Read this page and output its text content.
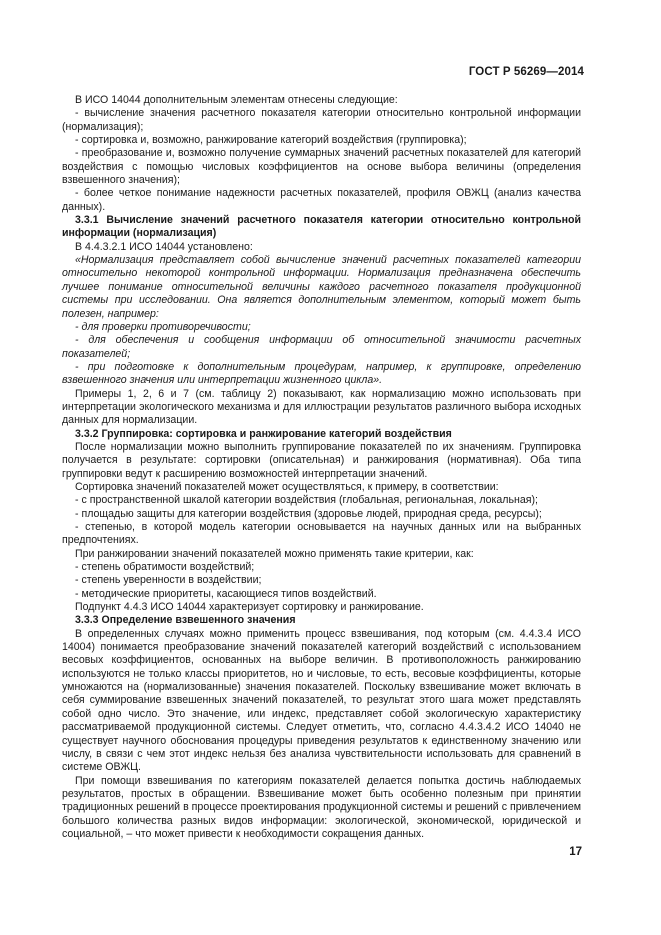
ГОСТ Р 56269—2014

В ИСО 14044 дополнительным элементам отнесены следующие:

- вычисление значения расчетного показателя категории относительно контрольной информации (нормализация);

- сортировка и, возможно, ранжирование категорий воздействия (группировка);

- преобразование и, возможно получение суммарных значений расчетных показателей для категорий воздействия с помощью числовых коэффициентов на основе выбора величины (определения взвешенного значения);

- более четкое понимание надежности расчетных показателей, профиля ОВЖЦ (анализ качества данных).

3.3.1 Вычисление значений расчетного показателя категории относительно контрольной информации (нормализация)

В 4.4.3.2.1 ИСО 14044 установлено:

«Нормализация представляет собой вычисление значений расчетных показателей категории относительно некоторой контрольной информации. Нормализация предназначена обеспечить лучшее понимание относительной величины каждого расчетного показателя продукционной системы при исследовании. Она является дополнительным элементом, который может быть полезен, например:

- для проверки противоречивости;

- для обеспечения и сообщения информации об относительной значимости расчетных показателей;

- при подготовке к дополнительным процедурам, например, к группировке, определению взвешенного значения или интерпретации жизненного цикла».

Примеры 1, 2, 6 и 7 (см. таблицу 2) показывают, как нормализацию можно использовать при интерпретации экологического механизма и для иллюстрации результатов различного выбора исходных данных для нормализации.

3.3.2 Группировка: сортировка и ранжирование категорий воздействия

После нормализации можно выполнить группирование показателей по их значениям. Группировка получается в результате: сортировки (описательная) и ранжирования (нормативная). Оба типа группировки ведут к расширению возможностей интерпретации значений.

Сортировка значений показателей может осуществляться, к примеру, в соответствии:

- с пространственной шкалой категории воздействия (глобальная, региональная, локальная);

- площадью защиты для категории воздействия (здоровье людей, природная среда, ресурсы);

- степенью, в которой модель категории основывается на научных данных или на выбранных предпочтениях.

При ранжировании значений показателей можно применять такие критерии, как:

- степень обратимости воздействий;

- степень уверенности в воздействии;

- методические приоритеты, касающиеся типов воздействий.

Подпункт 4.4.3 ИСО 14044 характеризует сортировку и ранжирование.

3.3.3 Определение взвешенного значения

В определенных случаях можно применить процесс взвешивания, под которым (см. 4.4.3.4 ИСО 14004) понимается преобразование значений показателей категорий воздействий с использованием весовых коэффициентов, основанных на выборе величин. В противоположность ранжированию используются не только классы приоритетов, но и числовые, то есть, весовые коэффициенты, которые умножаются на (нормализованные) значения показателей. Поскольку взвешивание может включать в себя суммирование взвешенных значений показателей, то результат этого шага может представлять собой одно число. Это значение, или индекс, представляет собой экологическую характеристику рассматриваемой продукционной системы. Следует отметить, что, согласно 4.4.3.4.2 ИСО 14040 не существует научного обоснования процедуры приведения результатов к единственному значению или числу, в связи с чем этот индекс нельзя без анализа чувствительности использовать для сравнений в системе ОВЖЦ.

При помощи взвешивания по категориям показателей делается попытка достичь наблюдаемых результатов, простых в обращении. Взвешивание может быть особенно полезным при принятии традиционных решений в процессе проектирования продукционной системы и решений с привлечением большого количества разных видов информации: экологической, экономической, юридической и социальной, – что может привести к необходимости сокращения данных.

17
